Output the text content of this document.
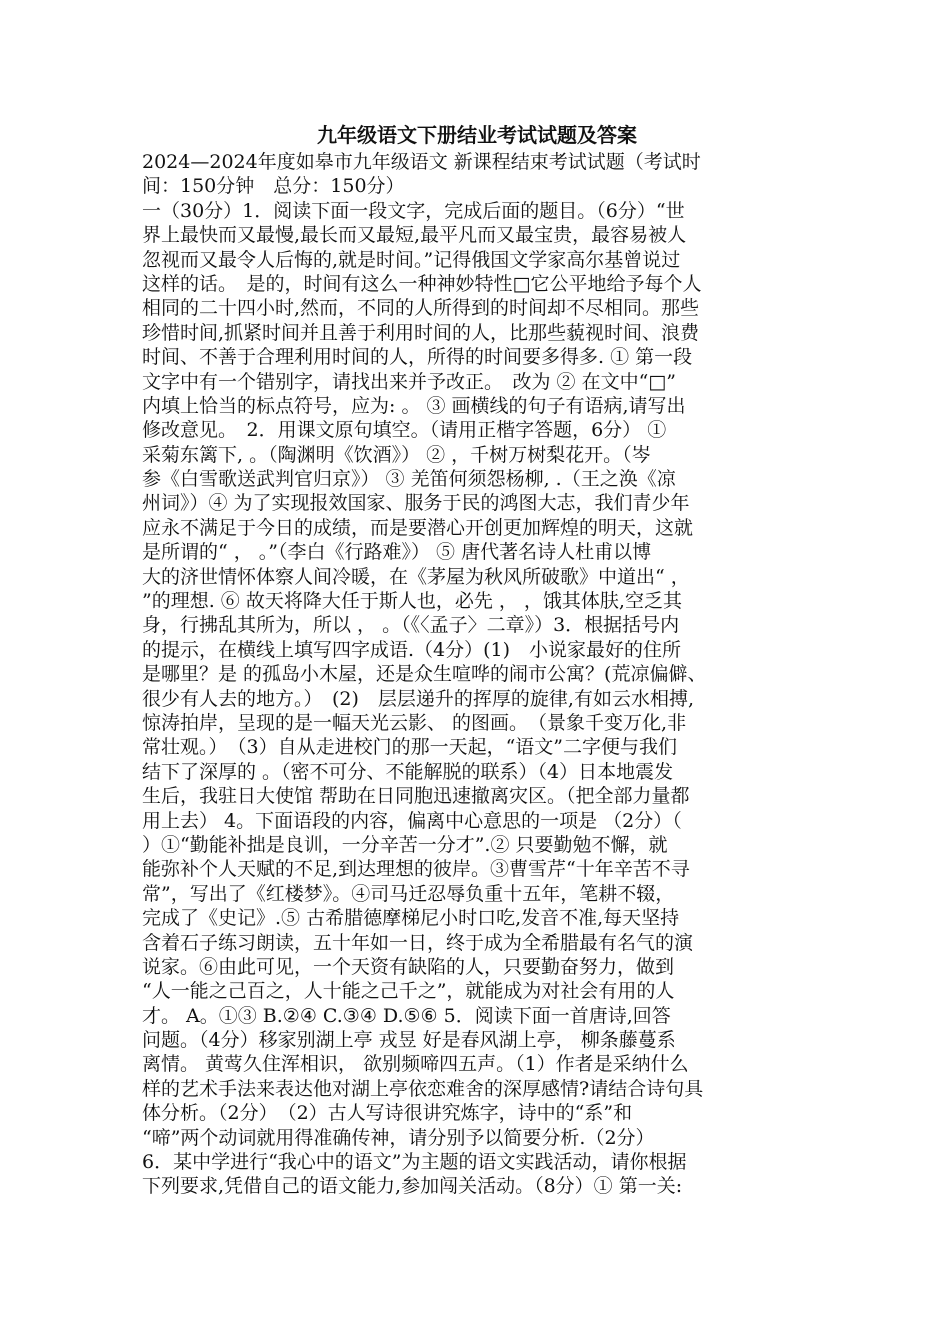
九年级语文下册结业考试试题及答案
2024—2024年度如皋市九年级语文 新课程结束考试试题（考试时
间：150分钟　总分：150分）
一（30分）1．阅读下面一段文字，完成后面的题目。（6分）“世
界上最快而又最慢,最长而又最短,最平凡而又最宝贵，最容易被人
忽视而又最令人后悔的,就是时间。”记得俄国文学家高尔基曾说过
这样的话。　是的，时间有这么一种神妙特性□它公平地给予每个人
相同的二十四小时,然而，不同的人所得到的时间却不尽相同。那些
珍惜时间,抓紧时间并且善于利用时间的人，比那些藐视时间、浪费
时间、不善于合理利用时间的人，所得的时间要多得多. ① 第一段
文字中有一个错别字，请找出来并予改正。　改为 ② 在文中“□”
内填上恰当的标点符号，应为: 。 ③ 画横线的句子有语病,请写出
修改意见。　2．用课文原句填空。（请用正楷字答题，6分） ①
采菊东篱下, 。（陶渊明《饮酒》） ② ，千树万树梨花开。（岑
参《白雪歌送武判官归京》） ③ 羌笛何须怨杨柳, .（王之涣《凉
州词》）④ 为了实现报效国家、服务于民的鸿图大志，我们青少年
应永不满足于今日的成绩，而是要潜心开创更加辉煌的明天，这就
是所谓的“ ， 。”（李白《行路难》） ⑤ 唐代著名诗人杜甫以博
大的济世情怀体察人间冷暖，在《茅屋为秋风所破歌》中道出“ ，
”的理想. ⑥ 故天将降大任于斯人也，必先 ， ，饿其体肤,空乏其
身，行拂乱其所为，所以 ， 。（《〈孟子〉二章》）3．根据括号内
的提示，在横线上填写四字成语.（4分）(1)　小说家最好的住所
是哪里？是 的孤岛小木屋，还是众生喧哗的闹市公寓？(荒凉偏僻、
很少有人去的地方。）　(2)　层层递升的挥厚的旋律,有如云水相搏,
惊涛拍岸，呈现的是一幅天光云影、 的图画。　（景象千变万化,非
常壮观。）　（3）自从走进校门的那一天起，“语文”二字便与我们
结下了深厚的 。（密不可分、不能解脱的联系）（4）日本地震发
生后，我驻日大使馆 帮助在日同胞迅速撤离灾区。（把全部力量都
用上去） 4。下面语段的内容，偏离中心意思的一项是 （2分）（
）①“勤能补拙是良训，一分辛苦一分才”.② 只要勤勉不懈，就
能弥补个人天赋的不足,到达理想的彼岸。③曹雪芹“十年辛苦不寻
常”，写出了《红楼梦》。④司马迁忍辱负重十五年，笔耕不辍，
完成了《史记》.⑤ 古希腊德摩梯尼小时口吃,发音不准,每天坚持
含着石子练习朗读，五十年如一日，终于成为全希腊最有名气的演
说家。⑥由此可见，一个天资有缺陷的人，只要勤奋努力，做到
“人一能之己百之，人十能之己千之”，就能成为对社会有用的人
才。 A。①③ B.②④ C.③④ D.⑤⑥ 5．阅读下面一首唐诗,回答
问题。（4分）移家别湖上亭 戎昱 好是春风湖上亭， 柳条藤蔓系
离情。 黄莺久住浑相识， 欲别频啼四五声。（1）作者是采纳什么
样的艺术手法来表达他对湖上亭依恋难舍的深厚感情?请结合诗句具
体分析。（2分）　（2）古人写诗很讲究炼字，诗中的“系”和
“啼”两个动词就用得准确传神，请分别予以简要分析.（2分）
6．某中学进行“我心中的语文”为主题的语文实践活动，请你根据
下列要求,凭借自己的语文能力,参加闯关活动。（8分）① 第一关:
